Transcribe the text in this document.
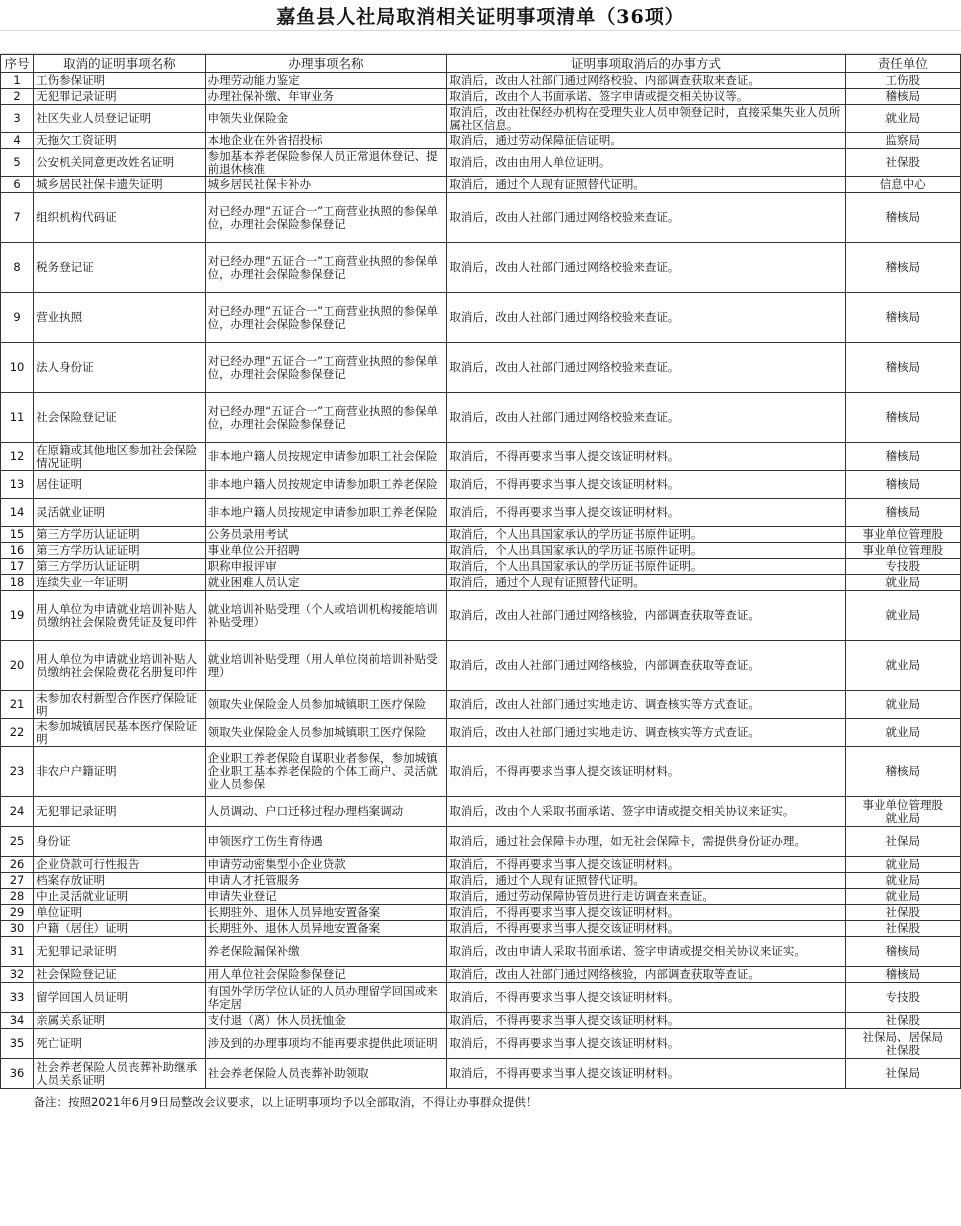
嘉鱼县人社局取消相关证明事项清单（36项）
序号	取消的证明事项名称	办理事项名称	证明事项取消后的办事方式	责任单位
1	工伤参保证明	办理劳动能力鉴定	取消后，改由人社部门通过网络校验、内部调查获取来查证。	工伤股
2	无犯罪记录证明	办理社保补缴、年审业务	取消后，改由个人书面承诺、签字申请或提交相关协议等。	稽核局
3	社区失业人员登记证明	申领失业保险金	取消后，改由社保经办机构在受理失业人员申领登记时，直接采集失业人员所属社区信息。	就业局
4	无拖欠工资证明	本地企业在外省招投标	取消后，通过劳动保障征信证明。	监察局
5	公安机关同意更改姓名证明	参加基本养老保险参保人员正常退休登记、提前退休核准	取消后，改由由用人单位证明。	社保股
6	城乡居民社保卡遗失证明	城乡居民社保卡补办	取消后，通过个人现有证照替代证明。	信息中心
7	组织机构代码证	对已经办理“五证合一”工商营业执照的参保单位，办理社会保险参保登记	取消后，改由人社部门通过网络校验来查证。	稽核局
8	税务登记证	对已经办理“五证合一”工商营业执照的参保单位，办理社会保险参保登记	取消后，改由人社部门通过网络校验来查证。	稽核局
9	营业执照	对已经办理“五证合一”工商营业执照的参保单位，办理社会保险参保登记	取消后，改由人社部门通过网络校验来查证。	稽核局
10	法人身份证	对已经办理“五证合一”工商营业执照的参保单位，办理社会保险参保登记	取消后，改由人社部门通过网络校验来查证。	稽核局
11	社会保险登记证	对已经办理“五证合一”工商营业执照的参保单位，办理社会保险参保登记	取消后，改由人社部门通过网络校验来查证。	稽核局
12	在原籍或其他地区参加社会保险情况证明	非本地户籍人员按规定申请参加职工社会保险	取消后，不得再要求当事人提交该证明材料。	稽核局
13	居住证明	非本地户籍人员按规定申请参加职工养老保险	取消后，不得再要求当事人提交该证明材料。	稽核局
14	灵活就业证明	非本地户籍人员按规定申请参加职工养老保险	取消后，不得再要求当事人提交该证明材料。	稽核局
15	第三方学历认证证明	公务员录用考试	取消后，个人出具国家承认的学历证书原件证明。	事业单位管理股
16	第三方学历认证证明	事业单位公开招聘	取消后，个人出具国家承认的学历证书原件证明。	事业单位管理股
17	第三方学历认证证明	职称申报评审	取消后，个人出具国家承认的学历证书原件证明。	专技股
18	连续失业一年证明	就业困难人员认定	取消后，通过个人现有证照替代证明。	就业局
19	用人单位为申请就业培训补贴人员缴纳社会保险费凭证及复印件	就业培训补贴受理（个人或培训机构接能培训补贴受理）	取消后，改由人社部门通过网络核验，内部调查获取等查证。	就业局
20	用人单位为申请就业培训补贴人员缴纳社会保险费花名册复印件	就业培训补贴受理（用人单位岗前培训补贴受理）	取消后，改由人社部门通过网络核验，内部调查获取等查证。	就业局
21	未参加农村新型合作医疗保险证明	领取失业保险金人员参加城镇职工医疗保险	取消后，改由人社部门通过实地走访、调查核实等方式查证。	就业局
22	未参加城镇居民基本医疗保险证明	领取失业保险金人员参加城镇职工医疗保险	取消后，改由人社部门通过实地走访、调查核实等方式查证。	就业局
23	非农户户籍证明	企业职工养老保险自谋职业者参保，参加城镇企业职工基本养老保险的个体工商户、灵活就业人员参保	取消后，不得再要求当事人提交该证明材料。	稽核局
24	无犯罪记录证明	人员调动、户口迁移过程办理档案调动	取消后，改由个人采取书面承诺、签字申请或提交相关协议来证实。	事业单位管理股
就业局
25	身份证	申领医疗工伤生育待遇	取消后，通过社会保障卡办理，如无社会保障卡，需提供身份证办理。	社保局
26	企业贷款可行性报告	申请劳动密集型小企业贷款	取消后，不得再要求当事人提交该证明材料。	就业局
27	档案存放证明	申请人才托管服务	取消后，通过个人现有证照替代证明。	就业局
28	中止灵活就业证明	申请失业登记	取消后，通过劳动保障协管员进行走访调查来查证。	就业局
29	单位证明	长期驻外、退休人员异地安置备案	取消后，不得再要求当事人提交该证明材料。	社保股
30	户籍（居住）证明	长期驻外、退休人员异地安置备案	取消后，不得再要求当事人提交该证明材料。	社保股
31	无犯罪记录证明	养老保险漏保补缴	取消后，改由申请人采取书面承诺、签字申请或提交相关协议来证实。	稽核局
32	社会保险登记证	用人单位社会保险参保登记	取消后，改由人社部门通过网络核验，内部调查获取等查证。	稽核局
33	留学回国人员证明	有国外学历学位认证的人员办理留学回国或来华定居	取消后，不得再要求当事人提交该证明材料。	专技股
34	亲属关系证明	支付退（离）休人员抚恤金	取消后，不得再要求当事人提交该证明材料。	社保股
35	死亡证明	涉及到的办理事项均不能再要求提供此项证明	取消后，不得再要求当事人提交该证明材料。	社保局、居保局
社保股
36	社会养老保险人员丧葬补助继承人员关系证明	社会养老保险人员丧葬补助领取	取消后，不得再要求当事人提交该证明材料。	社保局
备注：按照2021年6月9日局整改会议要求，以上证明事项均予以全部取消，不得让办事群众提供！				
